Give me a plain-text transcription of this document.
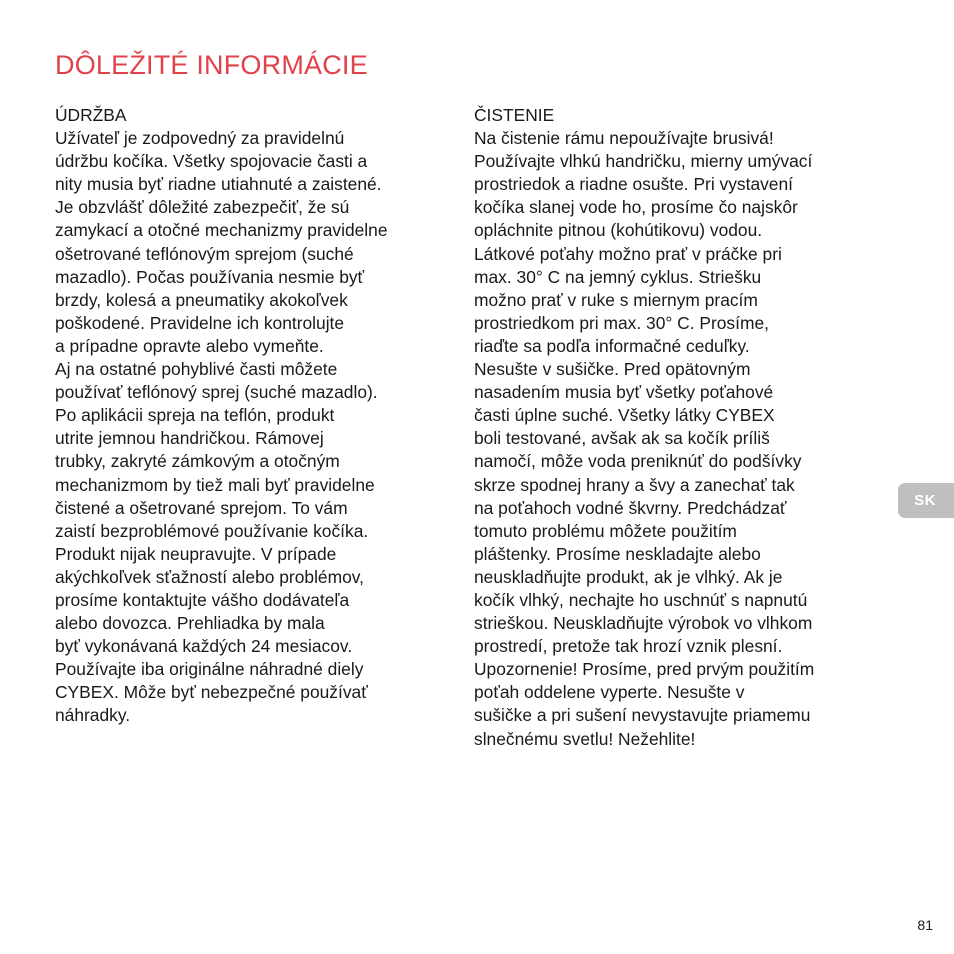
DÔLEŽITÉ INFORMÁCIE
ÚDRŽBA
Užívateľ je zodpovedný za pravidelnú
údržbu kočíka. Všetky spojovacie časti a
nity musia byť riadne utiahnuté a zaistené.
Je obzvlášť dôležité zabezpečiť, že sú
zamykací a otočné mechanizmy pravidelne
ošetrované teflónovým sprejom (suché
mazadlo). Počas používania nesmie byť
brzdy, kolesá a pneumatiky akokoľvek
poškodené. Pravidelne ich kontrolujte
a prípadne opravte alebo vymeňte.
Aj na ostatné pohyblivé časti môžete
používať teflónový sprej (suché mazadlo).
Po aplikácii spreja na teflón, produkt
utrite jemnou handričkou. Rámovej
trubky, zakryté zámkovým a otočným
mechanizmom by tiež mali byť pravidelne
čistené a ošetrované sprejom. To vám
zaistí bezproblémové používanie kočíka.
Produkt nijak neupravujte. V prípade
akýchkoľvek sťažností alebo problémov,
prosíme kontaktujte vášho dodávateľa
alebo dovozca. Prehliadka by mala
byť vykonávaná každých 24 mesiacov.
Používajte iba originálne náhradné diely
CYBEX. Môže byť nebezpečné používať
náhradky.
ČISTENIE
Na čistenie rámu nepoužívajte brusivá!
Používajte vlhkú handričku, mierny umývací
prostriedok a riadne osušte. Pri vystavení
kočíka slanej vode ho, prosíme čo najskôr
opláchnite pitnou (kohútikovu) vodou.
Látkové poťahy možno prať v práčke pri
max. 30° C na jemný cyklus. Striešku
možno prať v ruke s miernym pracím
prostriedkom pri max. 30° C. Prosíme,
riaďte sa podľa informačné ceduľky.
Nesušte v sušičke. Pred opätovným
nasadením musia byť všetky poťahové
časti úplne suché. Všetky látky CYBEX
boli testované, avšak ak sa kočík príliš
namočí, môže voda preniknúť do podšívky
skrze spodnej hrany a švy a zanechať tak
na poťahoch vodné škvrny. Predchádzať
tomuto problému môžete použitím
pláštenky. Prosíme neskladajte alebo
neuskladňujte produkt, ak je vlhký. Ak je
kočík vlhký, nechajte ho uschnúť s napnutú
strieškou. Neuskladňujte výrobok vo vlhkom
prostredí, pretože tak hrozí vznik plesní.
Upozornenie! Prosíme, pred prvým použitím
poťah oddelene vyperte. Nesušte v
sušičke a pri sušení nevystavujte priamemu
slnečnému svetlu! Nežehlite!
SK
81
